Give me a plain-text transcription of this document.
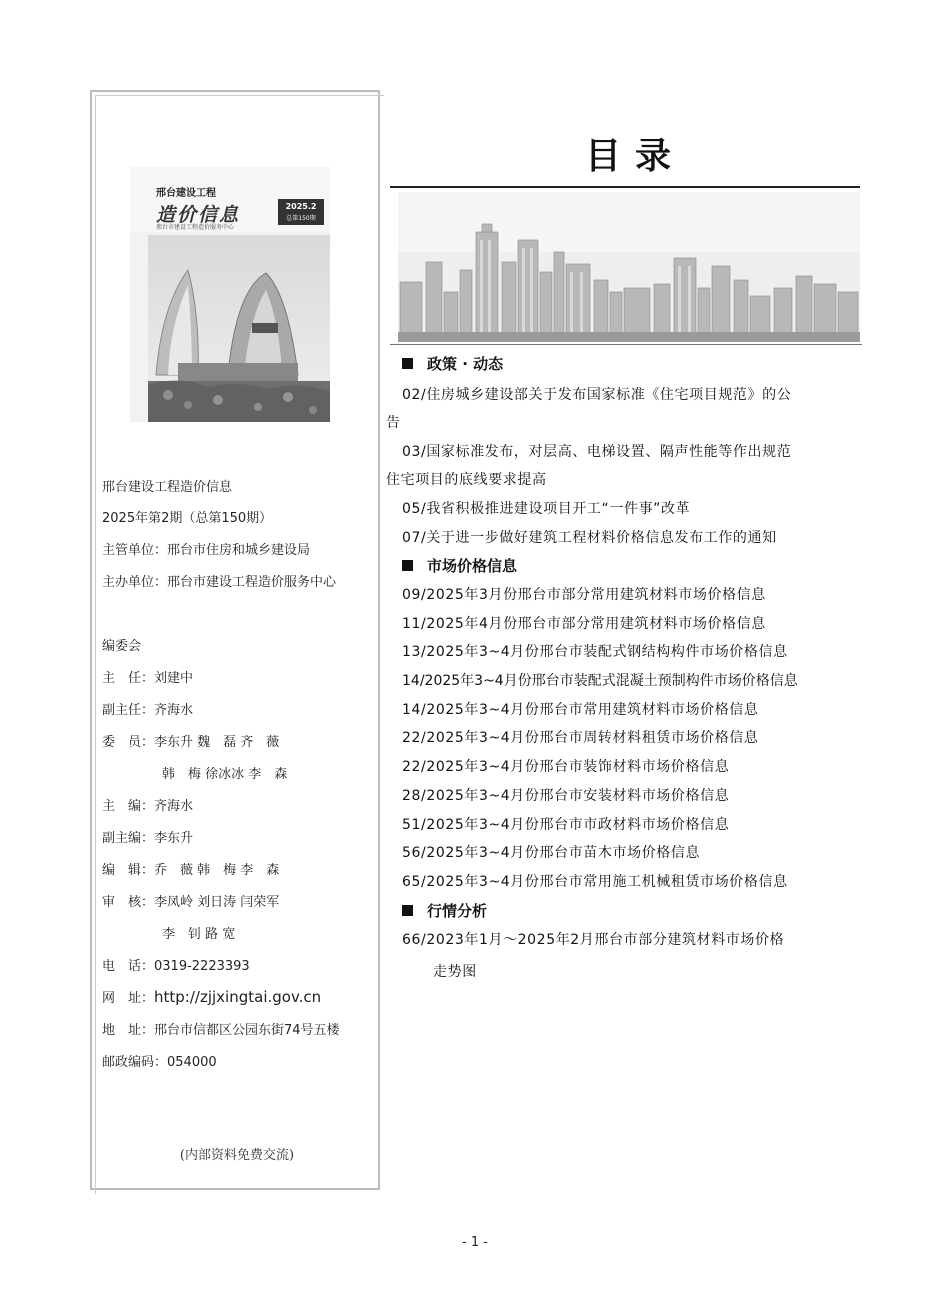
邢台建设工程
造价信息
邢台市建设工程造价服务中心
2025.2
总第150期
邢台建设工程造价信息
2025年第2期（总第150期）
主管单位：邢台市住房和城乡建设局
主办单位：邢台市建设工程造价服务中心
编委会
主　任：刘建中
副主任：齐海水
委　员：李东升 魏　磊 齐　薇
韩　梅 徐冰冰 李　森
主　编：齐海水
副主编：李东升
编　辑：乔　薇 韩　梅 李　森
审　核：李凤岭 刘日涛 闫荣军
李　钊 路 宽
电　话：0319-2223393
网　址：http://zjjxingtai.gov.cn
地　址：邢台市信都区公园东街74号五楼
邮政编码：054000
(内部资料免费交流)
目录
政策 · 动态
02/住房城乡建设部关于发布国家标准《住宅项目规范》的公
告
03/国家标准发布，对层高、电梯设置、隔声性能等作出规范
住宅项目的底线要求提高
05/我省积极推进建设项目开工“一件事”改革
07/关于进一步做好建筑工程材料价格信息发布工作的通知
市场价格信息
09/2025年3月份邢台市部分常用建筑材料市场价格信息
11/2025年4月份邢台市部分常用建筑材料市场价格信息
13/2025年3~4月份邢台市装配式钢结构构件市场价格信息
14/2025年3~4月份邢台市装配式混凝土预制构件市场价格信息
14/2025年3~4月份邢台市常用建筑材料市场价格信息
22/2025年3~4月份邢台市周转材料租赁市场价格信息
22/2025年3~4月份邢台市装饰材料市场价格信息
28/2025年3~4月份邢台市安装材料市场价格信息
51/2025年3~4月份邢台市市政材料市场价格信息
56/2025年3~4月份邢台市苗木市场价格信息
65/2025年3~4月份邢台市常用施工机械租赁市场价格信息
行情分析
66/2023年1月～2025年2月邢台市部分建筑材料市场价格
走势图
- 1 -
